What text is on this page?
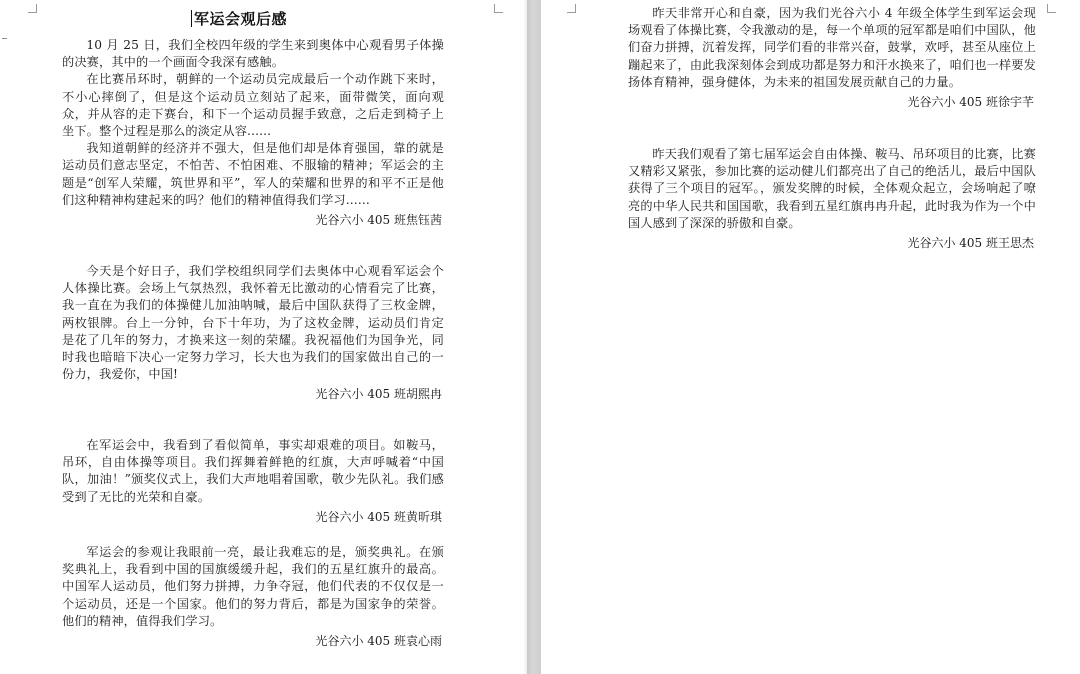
军运会观后感

10 月 25 日，我们全校四年级的学生来到奥体中心观看男子体操的决赛，其中的一个画面令我深有感触。

在比赛吊环时，朝鲜的一个运动员完成最后一个动作跳下来时，不小心摔倒了，但是这个运动员立刻站了起来，面带微笑，面向观众，并从容的走下赛台，和下一个运动员握手致意，之后走到椅子上坐下。整个过程是那么的淡定从容......

我知道朝鲜的经济并不强大，但是他们却是体育强国，靠的就是运动员们意志坚定，不怕苦、不怕困难、不服输的精神；军运会的主题是“创军人荣耀，筑世界和平”，军人的荣耀和世界的和平不正是他们这种精神构建起来的吗？他们的精神值得我们学习......

光谷六小 405 班焦钰茜

今天是个好日子，我们学校组织同学们去奥体中心观看军运会个人体操比赛。会场上气氛热烈，我怀着无比激动的心情看完了比赛，我一直在为我们的体操健儿加油呐喊，最后中国队获得了三枚金牌，两枚银牌。台上一分钟，台下十年功，为了这枚金牌，运动员们肯定是花了几年的努力，才换来这一刻的荣耀。我祝福他们为国争光，同时我也暗暗下决心一定努力学习，长大也为我们的国家做出自己的一份力，我爱你，中国!

光谷六小 405 班胡熙冉

在军运会中，我看到了看似简单，事实却艰难的项目。如鞍马，吊环，自由体操等项目。我们挥舞着鲜艳的红旗，大声呼喊着“中国队，加油！”颁奖仪式上，我们大声地唱着国歌，敬少先队礼。我们感受到了无比的光荣和自豪。

光谷六小 405 班黄昕琪

军运会的参观让我眼前一亮，最让我难忘的是，颁奖典礼。在颁奖典礼上，我看到中国的国旗缓缓升起，我们的五星红旗升的最高。中国军人运动员，他们努力拼搏，力争夺冠，他们代表的不仅仅是一个运动员，还是一个国家。他们的努力背后，都是为国家争的荣誉。他们的精神，值得我们学习。

光谷六小 405 班袁心雨

昨天非常开心和自豪，因为我们光谷六小 4 年级全体学生到军运会现场观看了体操比赛，令我激动的是，每一个单项的冠军都是咱们中国队，他们奋力拼搏，沉着发挥，同学们看的非常兴奋，鼓掌，欢呼，甚至从座位上蹦起来了，由此我深刻体会到成功都是努力和汗水换来了，咱们也一样要发扬体育精神，强身健体，为未来的祖国发展贡献自己的力量。

光谷六小 405 班徐宇芊

昨天我们观看了第七届军运会自由体操、鞍马、吊环项目的比赛，比赛又精彩又紧张，参加比赛的运动健儿们都亮出了自己的绝活儿，最后中国队获得了三个项目的冠军。，颁发奖牌的时候，全体观众起立，会场响起了嘹亮的中华人民共和国国歌，我看到五星红旗冉冉升起，此时我为作为一个中国人感到了深深的骄傲和自豪。

光谷六小 405 班王思杰
